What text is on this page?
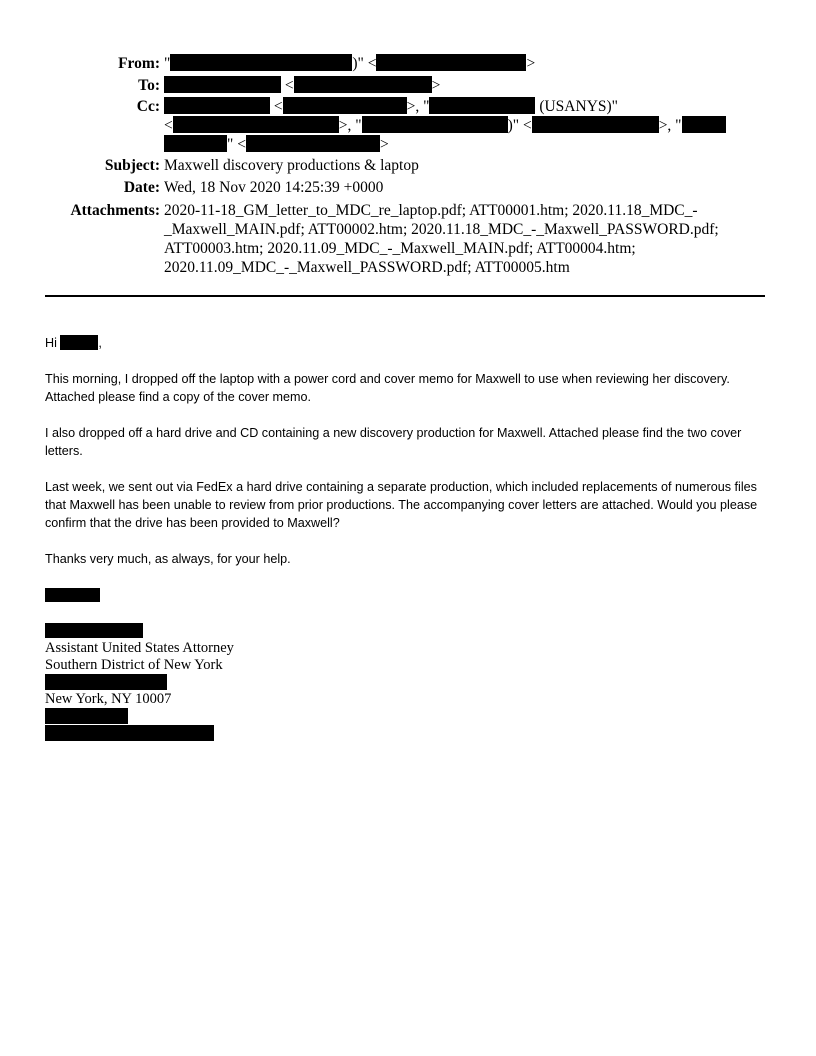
From: "	)" <	>
To:	<	>
Cc:	<	>, "	(USANYS)"
<	>, "	)" <	>, "
" <	>
Subject: Maxwell discovery productions & laptop
Date: Wed, 18 Nov 2020 14:25:39 +0000
Attachments: 2020-11-18_GM_letter_to_MDC_re_laptop.pdf; ATT00001.htm; 2020.11.18_MDC_-
_Maxwell_MAIN.pdf; ATT00002.htm; 2020.11.18_MDC_-_Maxwell_PASSWORD.pdf;
ATT00003.htm; 2020.11.09_MDC_-_Maxwell_MAIN.pdf; ATT00004.htm;
2020.11.09_MDC_-_Maxwell_PASSWORD.pdf; ATT00005.htm
Hi	,
This morning, I dropped off the laptop with a power cord and cover memo for Maxwell to use when reviewing her discovery. Attached please find a copy of the cover memo.
I also dropped off a hard drive and CD containing a new discovery production for Maxwell. Attached please find the two cover letters.
Last week, we sent out via FedEx a hard drive containing a separate production, which included replacements of numerous files that Maxwell has been unable to review from prior productions. The accompanying cover letters are attached. Would you please confirm that the drive has been provided to Maxwell?
Thanks very much, as always, for your help.
Assistant United States Attorney
Southern District of New York
New York, NY 10007
